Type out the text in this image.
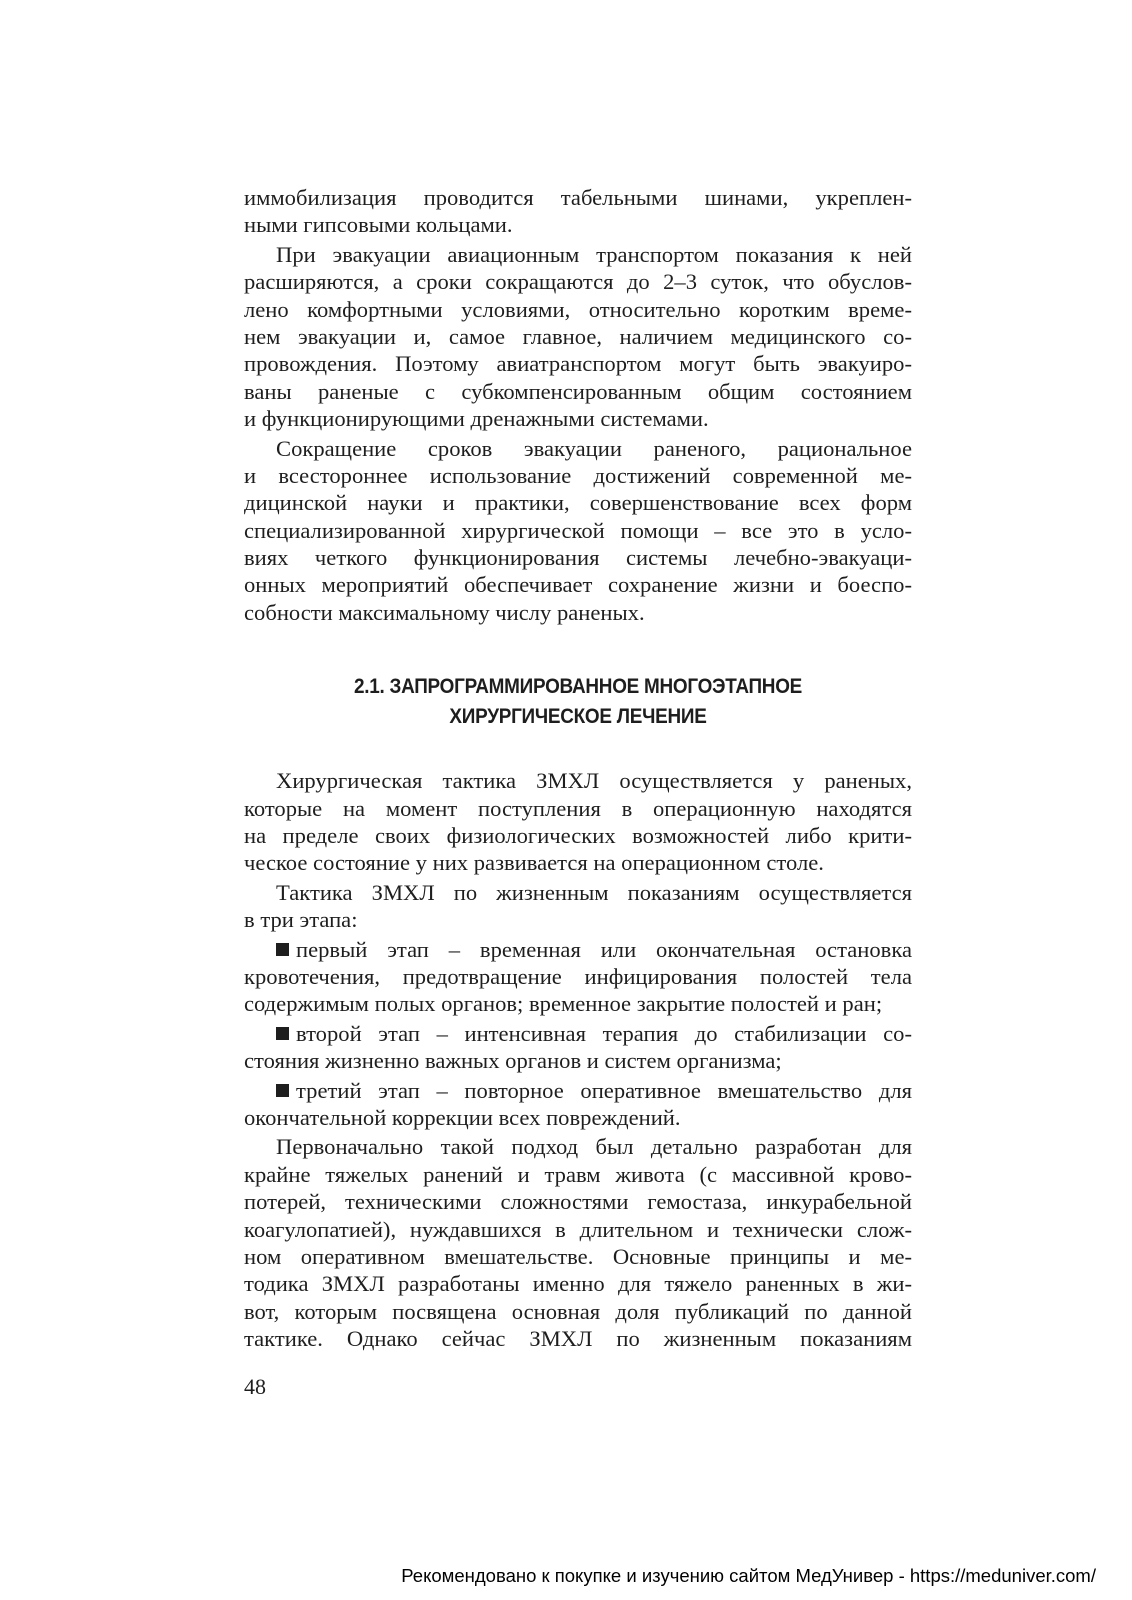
иммобилизация проводится табельными шинами, укреплен-
ными гипсовыми кольцами.
При эвакуации авиационным транспортом показания к ней
расширяются, а сроки сокращаются до 2–3 суток, что обуслов-
лено комфортными условиями, относительно коротким време-
нем эвакуации и, самое главное, наличием медицинского со-
провождения. Поэтому авиатранспортом могут быть эвакуиро-
ваны раненые с субкомпенсированным общим состоянием
и функционирующими дренажными системами.
Сокращение сроков эвакуации раненого, рациональное
и всестороннее использование достижений современной ме-
дицинской науки и практики, совершенствование всех форм
специализированной хирургической помощи – все это в усло-
виях четкого функционирования системы лечебно-эвакуаци-
онных мероприятий обеспечивает сохранение жизни и боеспо-
собности максимальному числу раненых.
2.1. ЗАПРОГРАММИРОВАННОЕ МНОГОЭТАПНОЕ
ХИРУРГИЧЕСКОЕ ЛЕЧЕНИЕ
Хирургическая тактика ЗМХЛ осуществляется у раненых,
которые на момент поступления в операционную находятся
на пределе своих физиологических возможностей либо крити-
ческое состояние у них развивается на операционном столе.
Тактика ЗМХЛ по жизненным показаниям осуществляется
в три этапа:
первый этап – временная или окончательная остановка
кровотечения, предотвращение инфицирования полостей тела
содержимым полых органов; временное закрытие полостей и ран;
второй этап – интенсивная терапия до стабилизации со-
стояния жизненно важных органов и систем организма;
третий этап – повторное оперативное вмешательство для
окончательной коррекции всех повреждений.
Первоначально такой подход был детально разработан для
крайне тяжелых ранений и травм живота (с массивной крово-
потерей, техническими сложностями гемостаза, инкурабельной
коагулопатией), нуждавшихся в длительном и технически слож-
ном оперативном вмешательстве. Основные принципы и ме-
тодика ЗМХЛ разработаны именно для тяжело раненных в жи-
вот, которым посвящена основная доля публикаций по данной
тактике. Однако сейчас ЗМХЛ по жизненным показаниям
48
Рекомендовано к покупке и изучению сайтом МедУнивер - https://meduniver.com/
